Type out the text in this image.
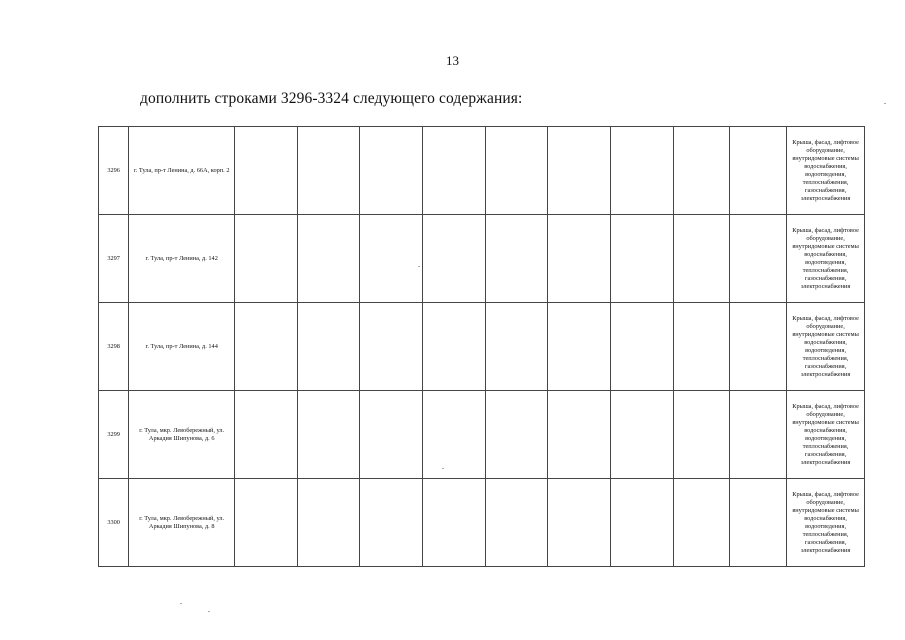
13
дополнить строками 3296-3324 следующего содержания:
3296	г. Тула, пр-т Ленина, д. 66А, корп. 2										Крыша, фасад, лифтовое оборудование, внутридомовые системы водоснабжения, водоотведения, теплоснабжения, газоснабжения, электроснабжения
3297	г. Тула, пр-т Ленина, д. 142										Крыша, фасад, лифтовое оборудование, внутридомовые системы водоснабжения, водоотведения, теплоснабжения, газоснабжения, электроснабжения
3298	г. Тула, пр-т Ленина, д. 144										Крыша, фасад, лифтовое оборудование, внутридомовые системы водоснабжения, водоотведения, теплоснабжения, газоснабжения, электроснабжения
3299	г. Тула, мкр. Левобережный, ул. Аркадия Шипунова, д. 6										Крыша, фасад, лифтовое оборудование, внутридомовые системы водоснабжения, водоотведения, теплоснабжения, газоснабжения, электроснабжения
3300	г. Тула, мкр. Левобережный, ул. Аркадия Шипунова, д. 8										Крыша, фасад, лифтовое оборудование, внутридомовые системы водоснабжения, водоотведения, теплоснабжения, газоснабжения, электроснабжения
